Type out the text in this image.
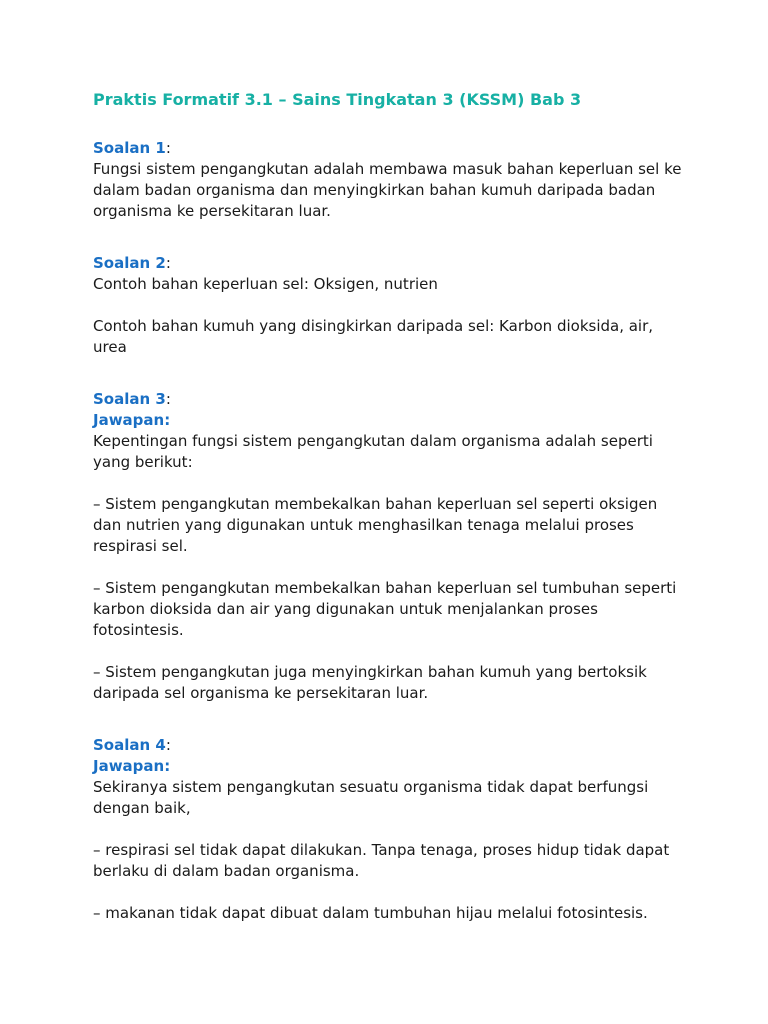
Praktis Formatif 3.1 – Sains Tingkatan 3 (KSSM) Bab 3
Soalan 1:

Fungsi sistem pengangkutan adalah membawa masuk bahan keperluan sel ke dalam badan organisma dan menyingkirkan bahan kumuh daripada badan organisma ke persekitaran luar.

Soalan 2:

Contoh bahan keperluan sel: Oksigen, nutrien

Contoh bahan kumuh yang disingkirkan daripada sel: Karbon dioksida, air, urea

Soalan 3:
Jawapan:

Kepentingan fungsi sistem pengangkutan dalam organisma adalah seperti yang berikut:

– Sistem pengangkutan membekalkan bahan keperluan sel seperti oksigen dan nutrien yang digunakan untuk menghasilkan tenaga melalui proses respirasi sel.

– Sistem pengangkutan membekalkan bahan keperluan sel tumbuhan seperti karbon dioksida dan air yang digunakan untuk menjalankan proses fotosintesis.

– Sistem pengangkutan juga menyingkirkan bahan kumuh yang bertoksik daripada sel organisma ke persekitaran luar.

Soalan 4:
Jawapan:

Sekiranya sistem pengangkutan sesuatu organisma tidak dapat berfungsi dengan baik,

– respirasi sel tidak dapat dilakukan. Tanpa tenaga, proses hidup tidak dapat berlaku di dalam badan organisma.

– makanan tidak dapat dibuat dalam tumbuhan hijau melalui fotosintesis.
